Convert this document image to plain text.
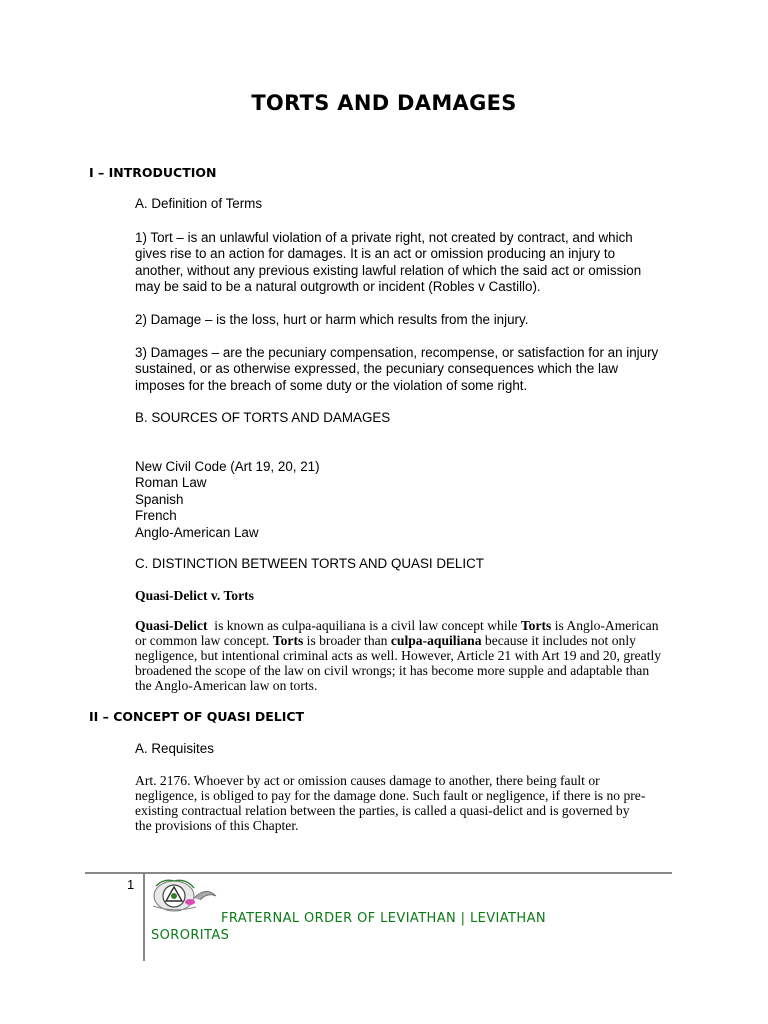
TORTS AND DAMAGES
I – INTRODUCTION
A. Definition of Terms
1) Tort – is an unlawful violation of a private right, not created by contract, and which
gives rise to an action for damages. It is an act or omission producing an injury to
another, without any previous existing lawful relation of which the said act or omission
may be said to be a natural outgrowth or incident (Robles v Castillo).
2) Damage – is the loss, hurt or harm which results from the injury.
3) Damages – are the pecuniary compensation, recompense, or satisfaction for an injury
sustained, or as otherwise expressed, the pecuniary consequences which the law
imposes for the breach of some duty or the violation of some right.
B. SOURCES OF TORTS AND DAMAGES
New Civil Code (Art 19, 20, 21)
Roman Law
Spanish
French
Anglo-American Law
C. DISTINCTION BETWEEN TORTS AND QUASI DELICT
Quasi-Delict v. Torts
Quasi-Delict  is known as culpa-aquiliana is a civil law concept while Torts is Anglo-American
or common law concept. Torts is broader than culpa-aquiliana because it includes not only
negligence, but intentional criminal acts as well. However, Article 21 with Art 19 and 20, greatly
broadened the scope of the law on civil wrongs; it has become more supple and adaptable than
the Anglo-American law on torts.
II – CONCEPT OF QUASI DELICT
A. Requisites
Art. 2176. Whoever by act or omission causes damage to another, there being fault or
negligence, is obliged to pay for the damage done. Such fault or negligence, if there is no pre-
existing contractual relation between the parties, is called a quasi-delict and is governed by
the provisions of this Chapter.
1
FRATERNAL ORDER OF LEVIATHAN | LEVIATHAN
SORORITAS
